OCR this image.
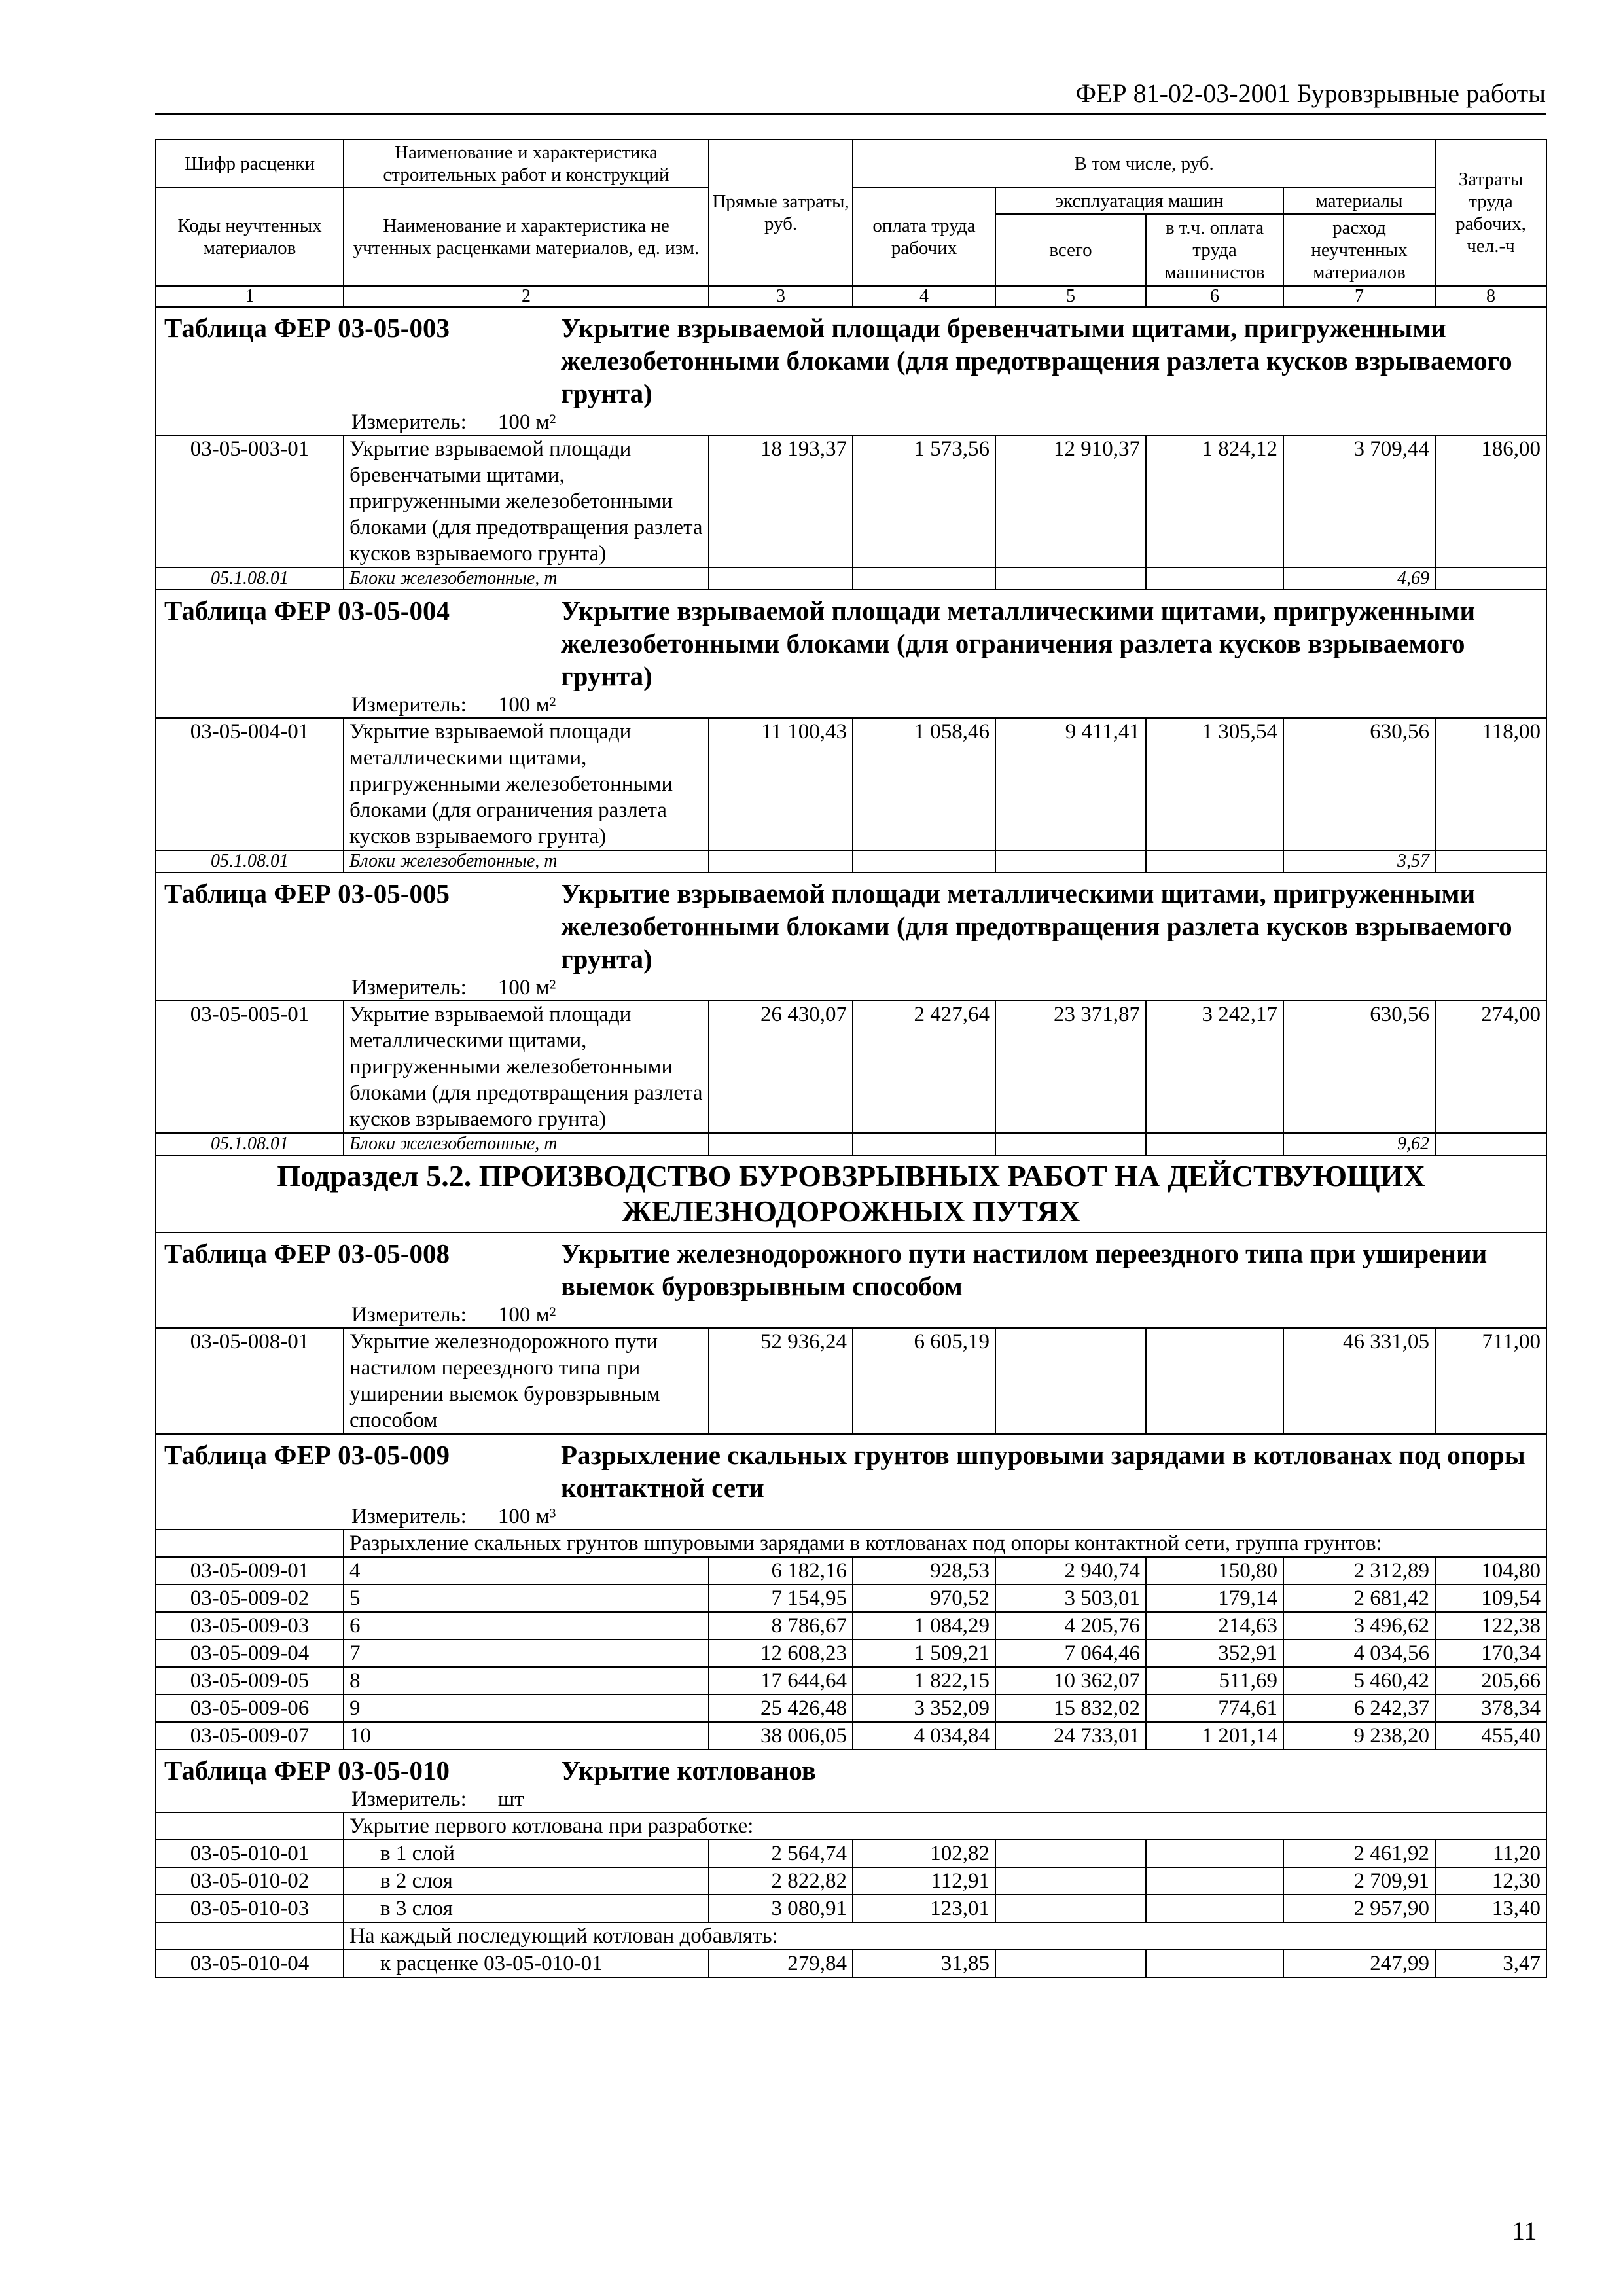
ФЕР 81-02-03-2001 Буровзрывные работы
Шифр расценки	Наименование и характеристика строительных работ и конструкций	Прямые затраты, руб.	В том числе, руб.				Затраты труда рабочих, чел.-ч
Коды неучтенных материалов	Наименование и характеристика не учтенных расценками материалов, ед. изм.		оплата труда рабочих	эксплуатация машин		материалы	
				всего	в т.ч. оплата труда машинистов	расход неучтенных материалов	
1	2	3	4	5	6	7	8

Таблица ФЕР 03-05-003 Укрытие взрываемой площади бревенчатыми щитами, пригруженными железобетонными блоками (для предотвращения разлета кусков взрываемого грунта)
Измеритель: 100 м²							

03-05-003-01	Укрытие взрываемой площади бревенчатыми щитами, пригруженными железобетонными блоками (для предотвращения разлета кусков взрываемого грунта)	18 193,37	1 573,56	12 910,37	1 824,12	3 709,44	186,00
05.1.08.01	Блоки железобетонные, т					4,69	

Таблица ФЕР 03-05-004 Укрытие взрываемой площади металлическими щитами, пригруженными железобетонными блоками (для ограничения разлета кусков взрываемого грунта)
Измеритель: 100 м²							

03-05-004-01	Укрытие взрываемой площади металлическими щитами, пригруженными железобетонными блоками (для ограничения разлета кусков взрываемого грунта)	11 100,43	1 058,46	9 411,41	1 305,54	630,56	118,00
05.1.08.01	Блоки железобетонные, т					3,57	

Таблица ФЕР 03-05-005 Укрытие взрываемой площади металлическими щитами, пригруженными железобетонными блоками (для предотвращения разлета кусков взрываемого грунта)
Измеритель: 100 м²							

03-05-005-01	Укрытие взрываемой площади металлическими щитами, пригруженными железобетонными блоками (для предотвращения разлета кусков взрываемого грунта)	26 430,07	2 427,64	23 371,87	3 242,17	630,56	274,00
05.1.08.01	Блоки железобетонные, т					9,62	
Подраздел 5.2. ПРОИЗВОДСТВО БУРОВЗРЫВНЫХ РАБОТ НА ДЕЙСТВУЮЩИХ ЖЕЛЕЗНОДОРОЖНЫХ ПУТЯХ							

Таблица ФЕР 03-05-008 Укрытие железнодорожного пути настилом переездного типа при уширении выемок буровзрывным способом
Измеритель: 100 м²							

03-05-008-01	Укрытие железнодорожного пути настилом переездного типа при уширении выемок буровзрывным способом	52 936,24	6 605,19			46 331,05	711,00

Таблица ФЕР 03-05-009 Разрыхление скальных грунтов шпуровыми зарядами в котлованах под опоры контактной сети
Измеритель: 100 м³							

	Разрыхление скальных грунтов шпуровыми зарядами в котлованах под опоры контактной сети, группа грунтов:						
03-05-009-01	4	6 182,16	928,53	2 940,74	150,80	2 312,89	104,80
03-05-009-02	5	7 154,95	970,52	3 503,01	179,14	2 681,42	109,54
03-05-009-03	6	8 786,67	1 084,29	4 205,76	214,63	3 496,62	122,38
03-05-009-04	7	12 608,23	1 509,21	7 064,46	352,91	4 034,56	170,34
03-05-009-05	8	17 644,64	1 822,15	10 362,07	511,69	5 460,42	205,66
03-05-009-06	9	25 426,48	3 352,09	15 832,02	774,61	6 242,37	378,34
03-05-009-07	10	38 006,05	4 034,84	24 733,01	1 201,14	9 238,20	455,40

Таблица ФЕР 03-05-010 Укрытие котлованов
Измеритель: шт							

	Укрытие первого котлована при разработке:						
03-05-010-01	в 1 слой	2 564,74	102,82			2 461,92	11,20
03-05-010-02	в 2 слоя	2 822,82	112,91			2 709,91	12,30
03-05-010-03	в 3 слоя	3 080,91	123,01			2 957,90	13,40
	На каждый последующий котлован добавлять:						
03-05-010-04	к расценке 03-05-010-01	279,84	31,85			247,99	3,47
11
